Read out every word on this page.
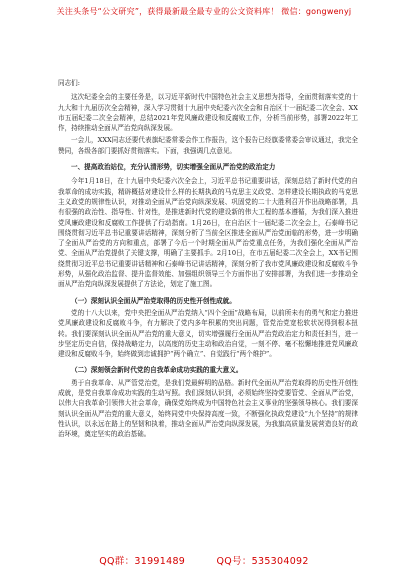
关注头条号“公文研究”，获得最新最全最专业的公文资料库！ 微信：gongwenyj

同志们:

这次纪委全会的主要任务是，以习近平新时代中国特色社会主义思想为指导，全面贯彻落实党的十九大和十九届历次全会精神，深入学习贯彻十九届中央纪委六次全会和自治区十一届纪委二次全会、XX市五届纪委二次全会精神，总结2021年党风廉政建设和反腐败工作，分析当前形势，部署2022年工作，持续推动全面从严治党向纵深发展。

一会儿，XXX同志还要代表旗纪委常委会作工作报告，这个报告已经旗委常委会审议通过，我完全赞同，各级各部门要抓好贯彻落实。下面，我强调几点意见。

一、提高政治站位，充分认清形势，切实增强全面从严治党的政治定力

今年1月18日，在十九届中央纪委六次全会上，习近平总书记重要讲话，深刻总结了新时代党的自我革命的成功实践，精辟概括对建设什么样的长期执政的马克思主义政党、怎样建设长期执政的马克思主义政党的规律性认识，对推动全面从严治党向纵深发展、巩固党的二十大胜利召开作出战略部署，具有很强的政治性、指导性、针对性，是推进新时代党的建设新的伟大工程的基本遵循，为我们深入推进党风廉政建设和反腐败工作提供了行动指南。1月26日，在自治区十一届纪委二次全会上，石泰峰书记围绕贯彻习近平总书记重要讲话精神，深刻分析了当前全区推进全面从严治党面临的形势，进一步明确了全面从严治党的方向和重点，部署了今后一个时期全面从严治党重点任务，为我们强化全面从严治党、全面从严治党提供了关键支撑，明确了主要抓手。2月10日，在市五届纪委二次全会上，XX书记围绕贯彻习近平总书记重要讲话精神和石泰峰书记讲话精神，深刻分析了我市党风廉政建设和反腐败斗争形势，从强化政治监督、提升监督效能、加强组织领导三个方面作出了安排部署，为我们进一步推动全面从严治党向纵深发展提供了方法论，划定了施工图。

（一）深刻认识全面从严治党取得的历史性开创性成就。

党的十八大以来，党中央把全面从严治党纳入“四个全面”战略布局，以前所未有的勇气和定力推进党风廉政建设和反腐败斗争，有力解决了党内多年积累的突出问题，管党治党宽松软状况得到根本扭转。我们要深刻认识全面从严治党的重大意义，切实增强履行全面从严治党政治定力和责任担当，进一步坚定历史自信，保持战略定力，以高度的历史主动和政治自觉，一刻不停、毫不松懈地推进党风廉政建设和反腐败斗争，始终做到忠诚拥护“两个确立”、自觉践行“两个维护”。

（二）深刻领会新时代党的自我革命成功实践的重大意义。

勇于自我革命、从严管党治党，是我们党最鲜明的品格。新时代全面从严治党取得的历史性开创性成就，是党自我革命成功实践的生动写照。我们深刻认识到，必须始终坚持党要管党、全面从严治党，以伟大自我革命引领伟大社会革命，确保党始终成为中国特色社会主义事业的坚强领导核心。我们要深刻认识全面从严治党的重大意义，始终同党中央保持高度一致，不断强化执政党建设“九个坚持”的规律性认识，以永远在路上的坚韧和执着，推动全面从严治党向纵深发展，为我旗高质量发展营造良好的政治环境，奠定坚实的政治基础。

QQ群：31991489	QQ号：535304092
